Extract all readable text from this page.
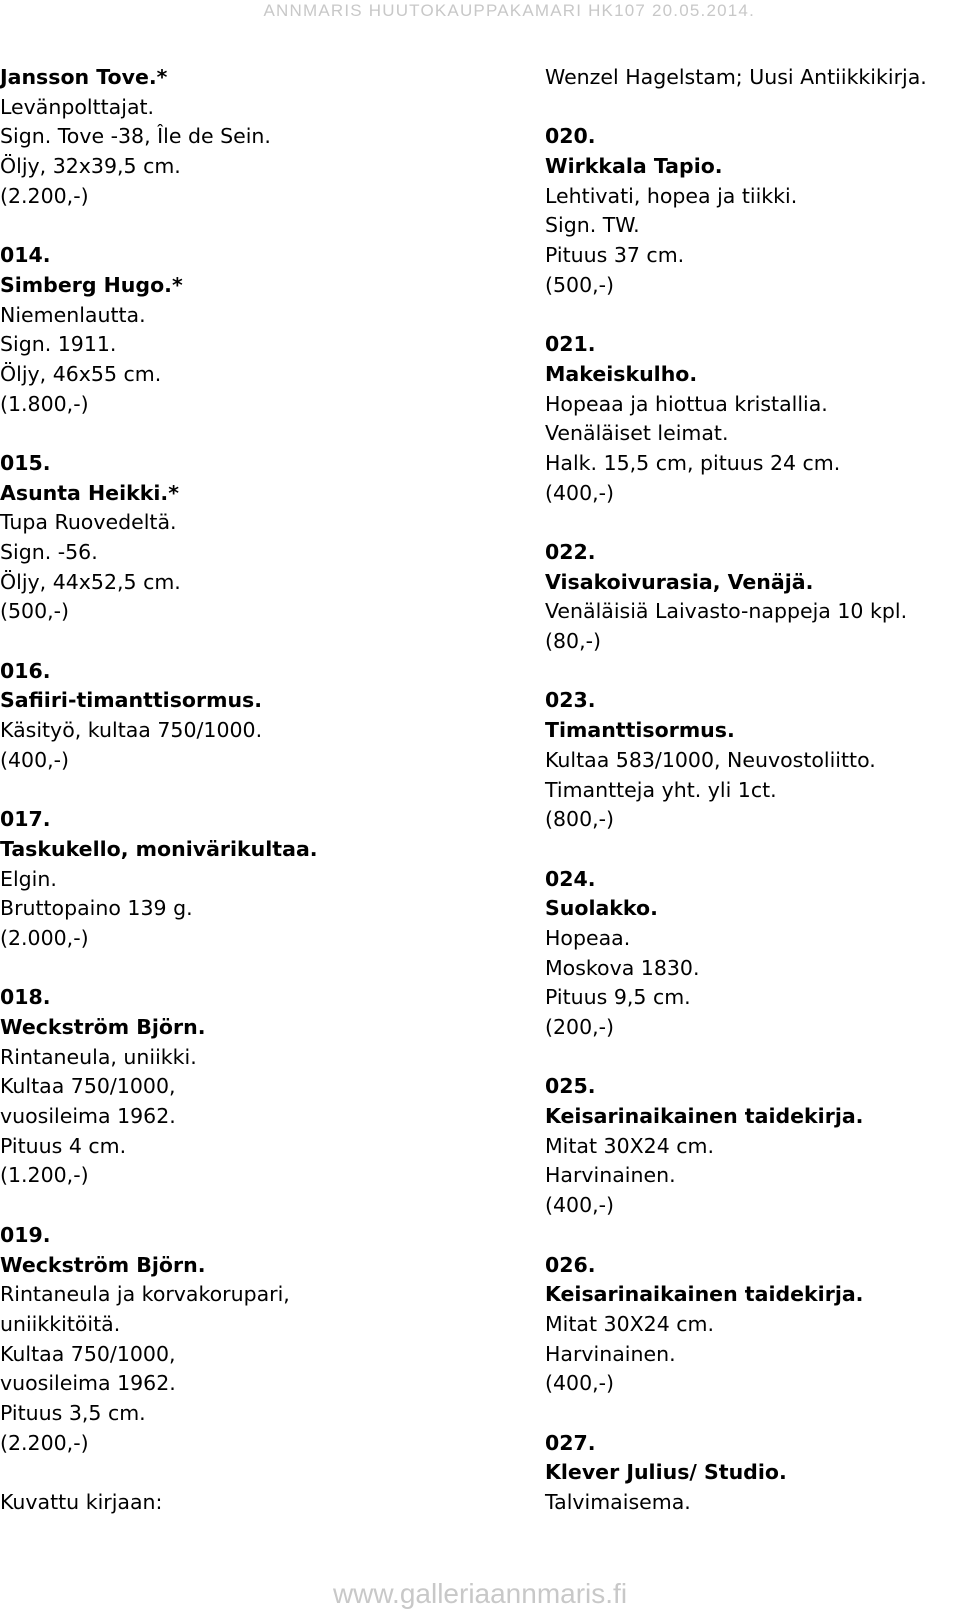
ANNMARIS HUUTOKAUPPAKAMARI HK107 20.05.2014.
Jansson Tove.*
Levänpolttajat.
Sign. Tove -38, Île de Sein.
Öljy, 32x39,5 cm.
(2.200,-)
014.
Simberg Hugo.*
Niemenlautta.
Sign. 1911.
Öljy, 46x55 cm.
(1.800,-)
015.
Asunta Heikki.*
Tupa Ruovedeltä.
Sign. -56.
Öljy, 44x52,5 cm.
(500,-)
016.
Safiiri-timanttisormus.
Käsityö, kultaa 750/1000.
(400,-)
017.
Taskukello, monivärikultaa.
Elgin.
Bruttopaino 139 g.
(2.000,-)
018.
Weckström Björn.
Rintaneula, uniikki.
Kultaa 750/1000,
vuosileima 1962.
Pituus 4 cm.
(1.200,-)
019.
Weckström Björn.
Rintaneula ja korvakorupari,
uniikkitöitä.
Kultaa 750/1000,
vuosileima 1962.
Pituus 3,5 cm.
(2.200,-)
Kuvattu kirjaan:
Wenzel Hagelstam; Uusi Antiikkikirja.
020.
Wirkkala Tapio.
Lehtivati, hopea ja tiikki.
Sign. TW.
Pituus 37 cm.
(500,-)
021.
Makeiskulho.
Hopeaa ja hiottua kristallia.
Venäläiset leimat.
Halk. 15,5 cm, pituus 24 cm.
(400,-)
022.
Visakoivurasia, Venäjä.
Venäläisiä Laivasto-nappeja 10 kpl.
(80,-)
023.
Timanttisormus.
Kultaa 583/1000, Neuvostoliitto.
Timantteja yht. yli 1ct.
(800,-)
024.
Suolakko.
Hopeaa.
Moskova 1830.
Pituus 9,5 cm.
(200,-)
025.
Keisarinaikainen taidekirja.
Mitat 30X24 cm.
Harvinainen.
(400,-)
026.
Keisarinaikainen taidekirja.
Mitat 30X24 cm.
Harvinainen.
(400,-)
027.
Klever Julius/ Studio.
Talvimaisema.
www.galleriaannmaris.fi
